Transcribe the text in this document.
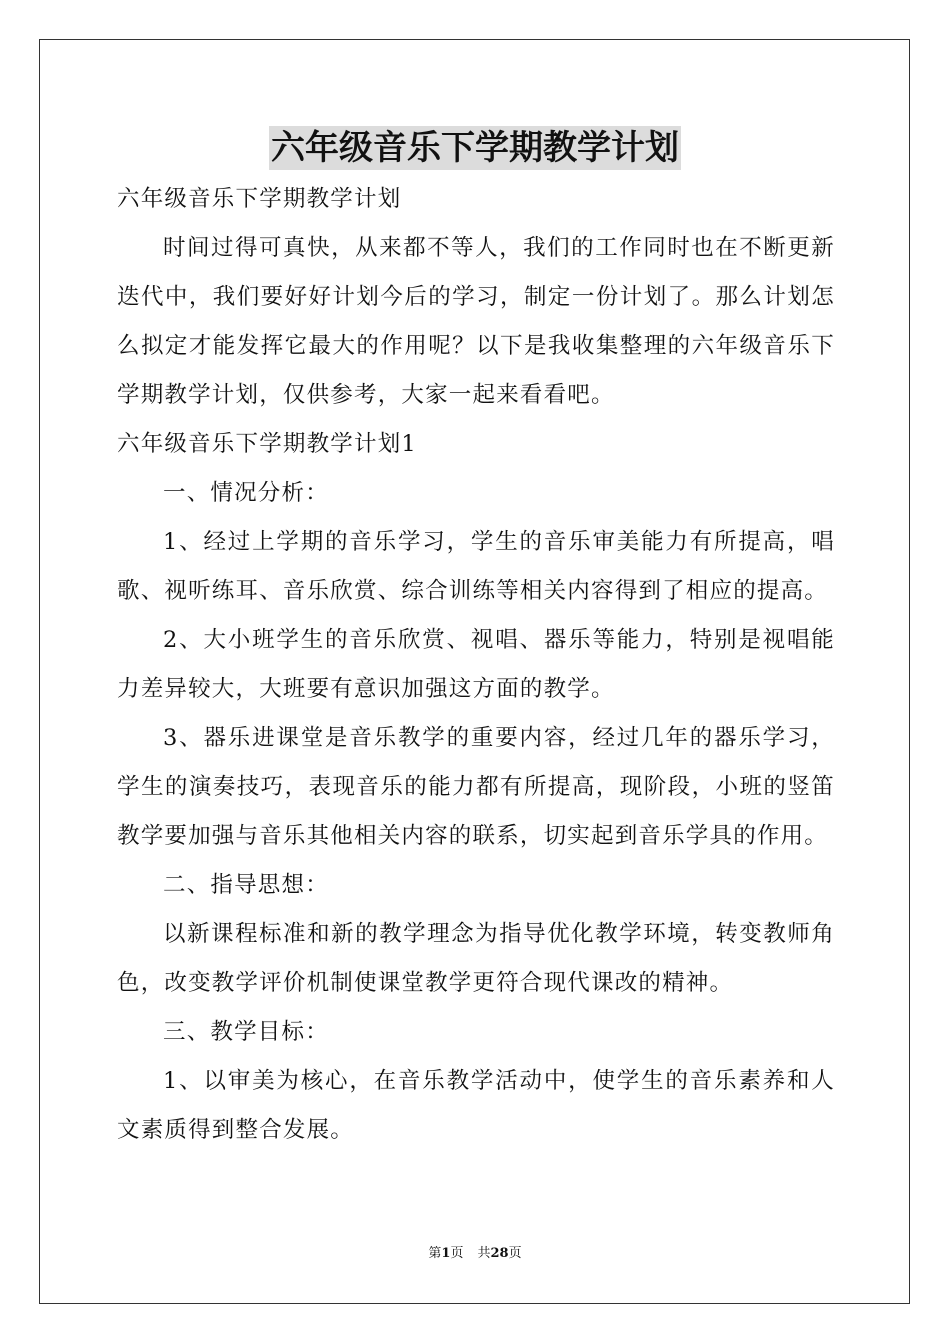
六年级音乐下学期教学计划

六年级音乐下学期教学计划

时间过得可真快，从来都不等人，我们的工作同时也在不断更新迭代中，我们要好好计划今后的学习，制定一份计划了。那么计划怎么拟定才能发挥它最大的作用呢？以下是我收集整理的六年级音乐下学期教学计划，仅供参考，大家一起来看看吧。

六年级音乐下学期教学计划1

一、情况分析：

1、经过上学期的音乐学习，学生的音乐审美能力有所提高，唱歌、视听练耳、音乐欣赏、综合训练等相关内容得到了相应的提高。

2、大小班学生的音乐欣赏、视唱、器乐等能力，特别是视唱能力差异较大，大班要有意识加强这方面的教学。

3、器乐进课堂是音乐教学的重要内容，经过几年的器乐学习，学生的演奏技巧，表现音乐的能力都有所提高，现阶段，小班的竖笛教学要加强与音乐其他相关内容的联系，切实起到音乐学具的作用。

二、指导思想：

以新课程标准和新的教学理念为指导优化教学环境，转变教师角色，改变教学评价机制使课堂教学更符合现代课改的精神。

三、教学目标：

1、以审美为核心，在音乐教学活动中，使学生的音乐素养和人文素质得到整合发展。

第1页 共28页
